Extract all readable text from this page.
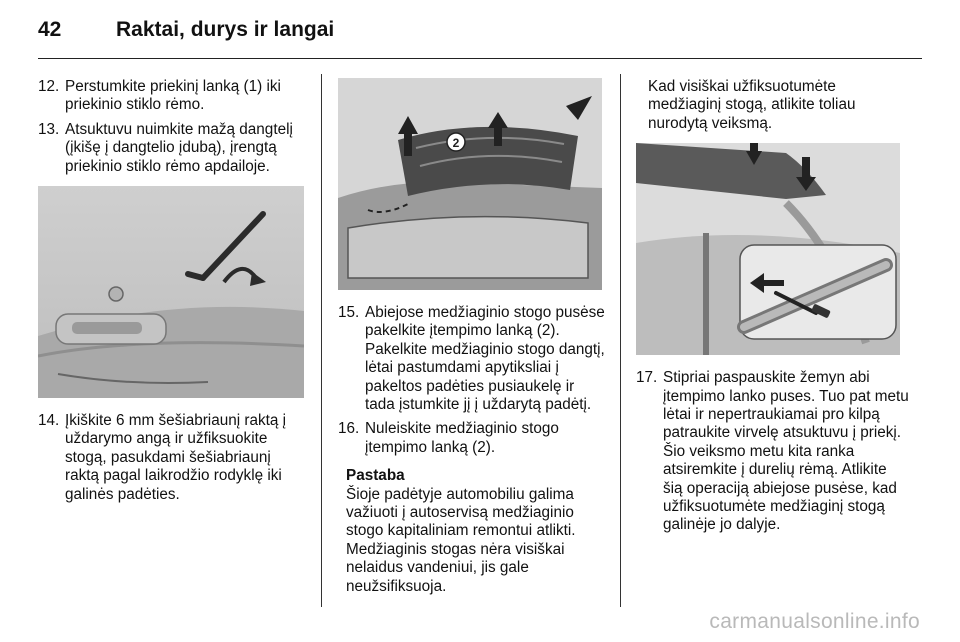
42	Raktai, durys ir langai
12. Perstumkite priekinį lanką (1) iki priekinio stiklo rėmo.
13. Atsuktuvu nuimkite mažą dangtelį (įkišę į dangtelio įdubą), įrengtą priekinio stiklo rėmo apdailoje.
14. Įkiškite 6 mm šešiabriaunį raktą į uždarymo angą ir užfiksuokite stogą, pasukdami šešiabriaunį raktą pagal laikrodžio rodyklę iki galinės padėties.
2
15. Abiejose medžiaginio stogo pusėse pakelkite įtempimo lanką (2). Pakelkite medžiaginio stogo dangtį, lėtai pastumdami apytiksliai į pakeltos padėties pusiaukelę ir tada įstumkite jį į uždarytą padėtį.
16. Nuleiskite medžiaginio stogo įtempimo lanką (2).
Pastaba
Šioje padėtyje automobiliu galima važiuoti į autoservisą medžiaginio stogo kapitaliniam remontui atlikti. Medžiaginis stogas nėra visiškai nelaidus vandeniui, jis gale neužsifiksuoja.
Kad visiškai užfiksuotumėte medžiaginį stogą, atlikite toliau nurodytą veiksmą.
17. Stipriai paspauskite žemyn abi įtempimo lanko puses. Tuo pat metu lėtai ir nepertraukiamai pro kilpą patraukite virvelę atsuktuvu į priekį. Šio veiksmo metu kita ranka atsiremkite į durelių rėmą. Atlikite šią operaciją abiejose pusėse, kad užfiksuotumėte medžiaginį stogą galinėje jo dalyje.
carmanualsonline.info
